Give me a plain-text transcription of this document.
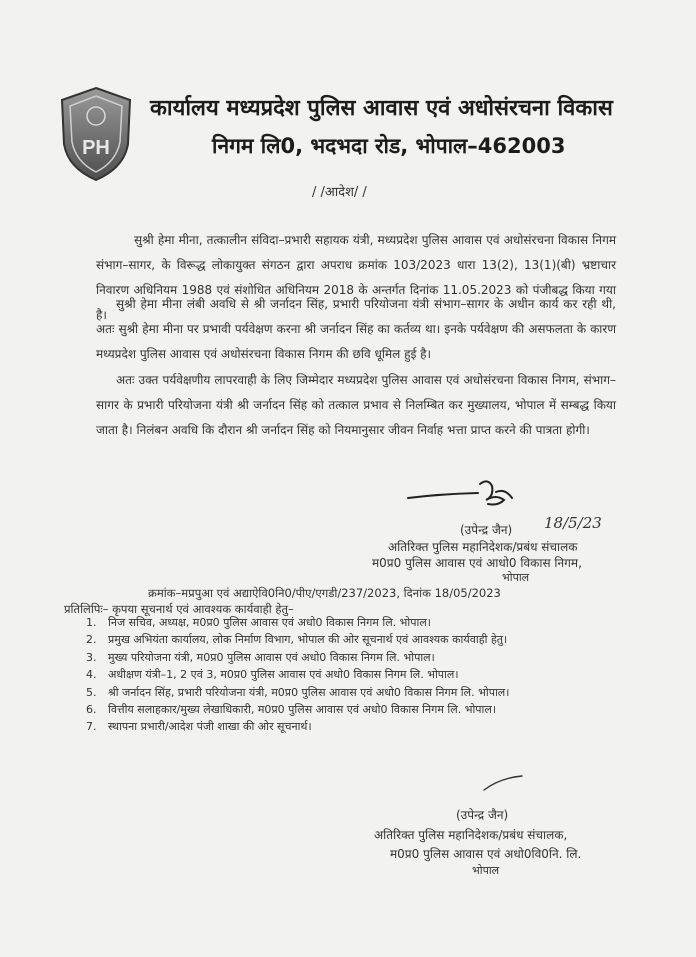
PH
कार्यालय मध्यप्रदेश पुलिस आवास एवं अधोसंरचना विकास
निगम लि0, भदभदा रोड, भोपाल–462003
/ /आदेश/ /
सुश्री हेमा मीना, तत्कालीन संविदा–प्रभारी सहायक यंत्री, मध्यप्रदेश पुलिस आवास एवं अधोसंरचना विकास निगम संभाग–सागर, के विरूद्ध लोकायुक्त संगठन द्वारा अपराध क्रमांक 103/2023 धारा 13(2), 13(1)(बी) भ्रष्टाचार निवारण अधिनियम 1988 एवं संशोधित अधिनियम 2018 के अन्तर्गत दिनांक 11.05.2023 को पंजीबद्ध किया गया है।
सुश्री हेमा मीना लंबी अवधि से श्री जर्नादन सिंह, प्रभारी परियोजना यंत्री संभाग–सागर के अधीन कार्य कर रही थी, अतः सुश्री हेमा मीना पर प्रभावी पर्यवेक्षण करना श्री जर्नादन सिंह का कर्तव्य था। इनके पर्यवेक्षण की असफलता के कारण मध्यप्रदेश पुलिस आवास एवं अधोसंरचना विकास निगम की छवि धूमिल हुई है।
अतः उक्त पर्यवेक्षणीय लापरवाही के लिए जिम्मेदार मध्यप्रदेश पुलिस आवास एवं अधोसंरचना विकास निगम, संभाग–सागर के प्रभारी परियोजना यंत्री श्री जर्नादन सिंह को तत्काल प्रभाव से निलम्बित कर मुख्यालय, भोपाल में सम्बद्ध किया जाता है। निलंबन अवधि कि दौरान श्री जर्नादन सिंह को नियमानुसार जीवन निर्वाह भत्ता प्राप्त करने की पात्रता होगी।
(उपेन्द्र जैन) 18/5/23
अतिरिक्त पुलिस महानिदेशक/प्रबंध संचालक
म0प्र0 पुलिस आवास एवं आधो0 विकास निगम,
भोपाल
क्रमांक–मप्रपुआ एवं अद्याऐवि0नि0/पीए/एगडी/237/2023, दिनांक 18/05/2023
प्रतिलिपिः– कृपया सूचनार्थ एवं आवश्यक कार्यवाही हेतु–
1. निज सचिव, अध्यक्ष, म0प्र0 पुलिस आवास एवं अधो0 विकास निगम लि. भोपाल।
2. प्रमुख अभियंता कार्यालय, लोक निर्माण विभाग, भोपाल की ओर सूचनार्थ एवं आवश्यक कार्यवाही हेतु।
3. मुख्य परियोजना यंत्री, म0प्र0 पुलिस आवास एवं अधो0 विकास निगम लि. भोपाल।
4. अधीक्षण यंत्री–1, 2 एवं 3, म0प्र0 पुलिस आवास एवं अधो0 विकास निगम लि. भोपाल।
5. श्री जर्नादन सिंह, प्रभारी परियोजना यंत्री, म0प्र0 पुलिस आवास एवं अधो0 विकास निगम लि. भोपाल।
6. वित्तीय सलाहकार/मुख्य लेखाधिकारी, म0प्र0 पुलिस आवास एवं अधो0 विकास निगम लि. भोपाल।
7. स्थापना प्रभारी/आदेश पंजी शाखा की ओर सूचनार्थ।
(उपेन्द्र जैन)
अतिरिक्त पुलिस महानिदेशक/प्रबंध संचालक,
म0प्र0 पुलिस आवास एवं अधो0वि0नि. लि.
भोपाल
